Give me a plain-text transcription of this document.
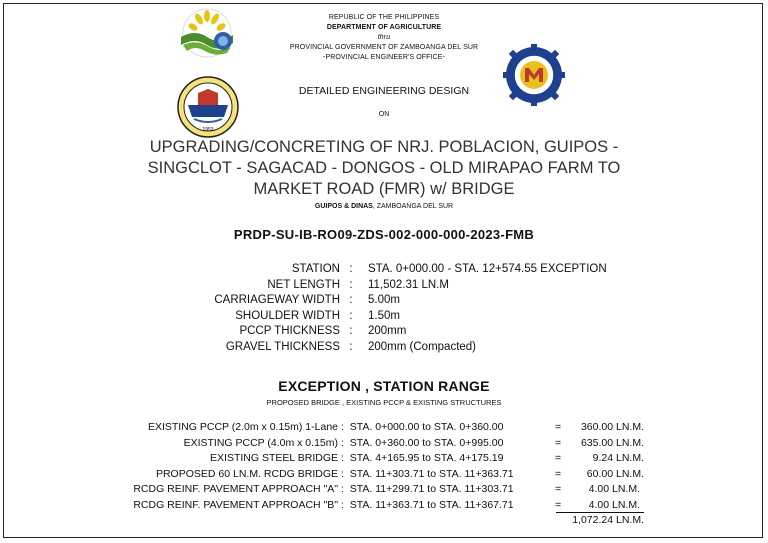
1953
REPUBLIC OF THE PHILIPPINES
DEPARTMENT OF AGRICULTURE
thru
PROVINCIAL GOVERNMENT OF ZAMBOANGA DEL SUR
-PROVINCIAL ENGINEER'S OFFICE-
DETAILED ENGINEERING DESIGN
ON
UPGRADING/CONCRETING OF NRJ. POBLACION, GUIPOS -
SINGCLOT - SAGACAD - DONGOS - OLD MIRAPAO FARM TO
MARKET ROAD (FMR) w/ BRIDGE
GUIPOS & DINAS, ZAMBOANGA DEL SUR
PRDP-SU-IB-RO09-ZDS-002-000-000-2023-FMB
STATION : STA. 0+000.00 - STA. 12+574.55 EXCEPTION
NET LENGTH : 11,502.31 LN.M
CARRIAGEWAY WIDTH : 5.00m
SHOULDER WIDTH : 1.50m
PCCP THICKNESS : 200mm
GRAVEL THICKNESS : 200mm (Compacted)
EXCEPTION , STATION RANGE
PROPOSED BRIDGE , EXISTING PCCP & EXISTING STRUCTURES
EXISTING PCCP (2.0m x 0.15m) 1-Lane :  STA. 0+000.00 to STA. 0+360.00	= 360.00 LN.M.
EXISTING PCCP (4.0m x 0.15m) :  STA. 0+360.00 to STA. 0+995.00	= 635.00 LN.M.
EXISTING STEEL BRIDGE :  STA. 4+165.95 to STA. 4+175.19	=	9.24 LN.M.
PROPOSED 60 LN.M. RCDG BRIDGE :  STA. 11+303.71 to STA. 11+363.71	= 60.00 LN.M.
RCDG REINF. PAVEMENT APPROACH "A" :  STA. 11+299.71 to STA. 11+303.71	=	4.00 LN.M.
RCDG REINF. PAVEMENT APPROACH "B" :  STA. 11+363.71 to STA. 11+367.71	=	4.00 LN.M.
1,072.24 LN.M.
